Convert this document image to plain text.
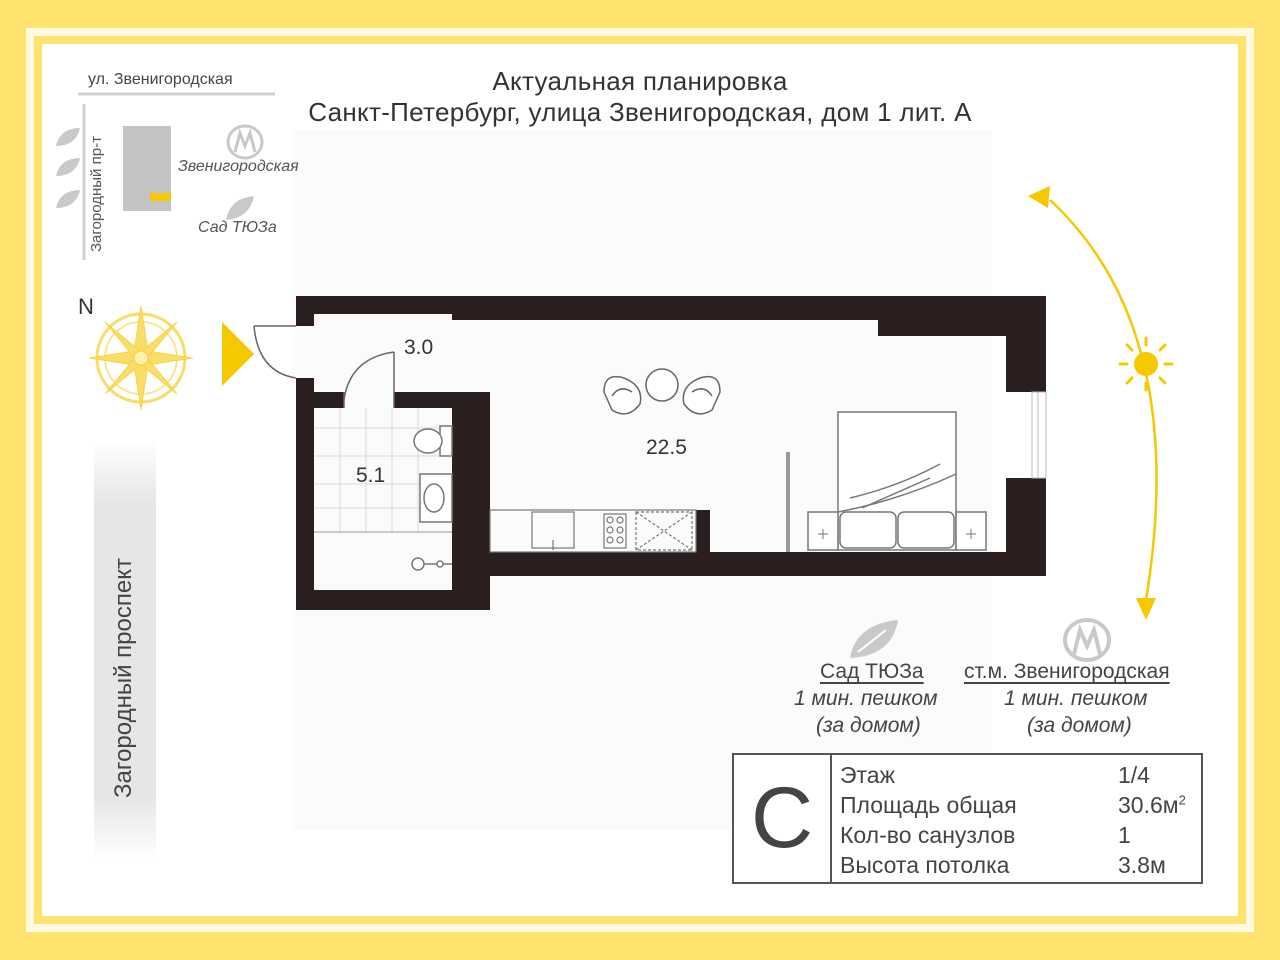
Актуальная планировка
Санкт-Петербург, улица Звенигородская, дом 1 лит. А
ул. Звенигородская
Загородный пр-т	Звенигородская
Сад ТЮЗа
N
Загородный проспект
3.0
5.1
22.5
Сад ТЮЗа
1 мин. пешком
(за домом)
ст.м. Звенигородская
1 мин. пешком
(за домом)
C	Этаж	1/4
Площадь общая	$30.6м^2$
Кол-во санузлов	1
Высота потолка	3.8м
